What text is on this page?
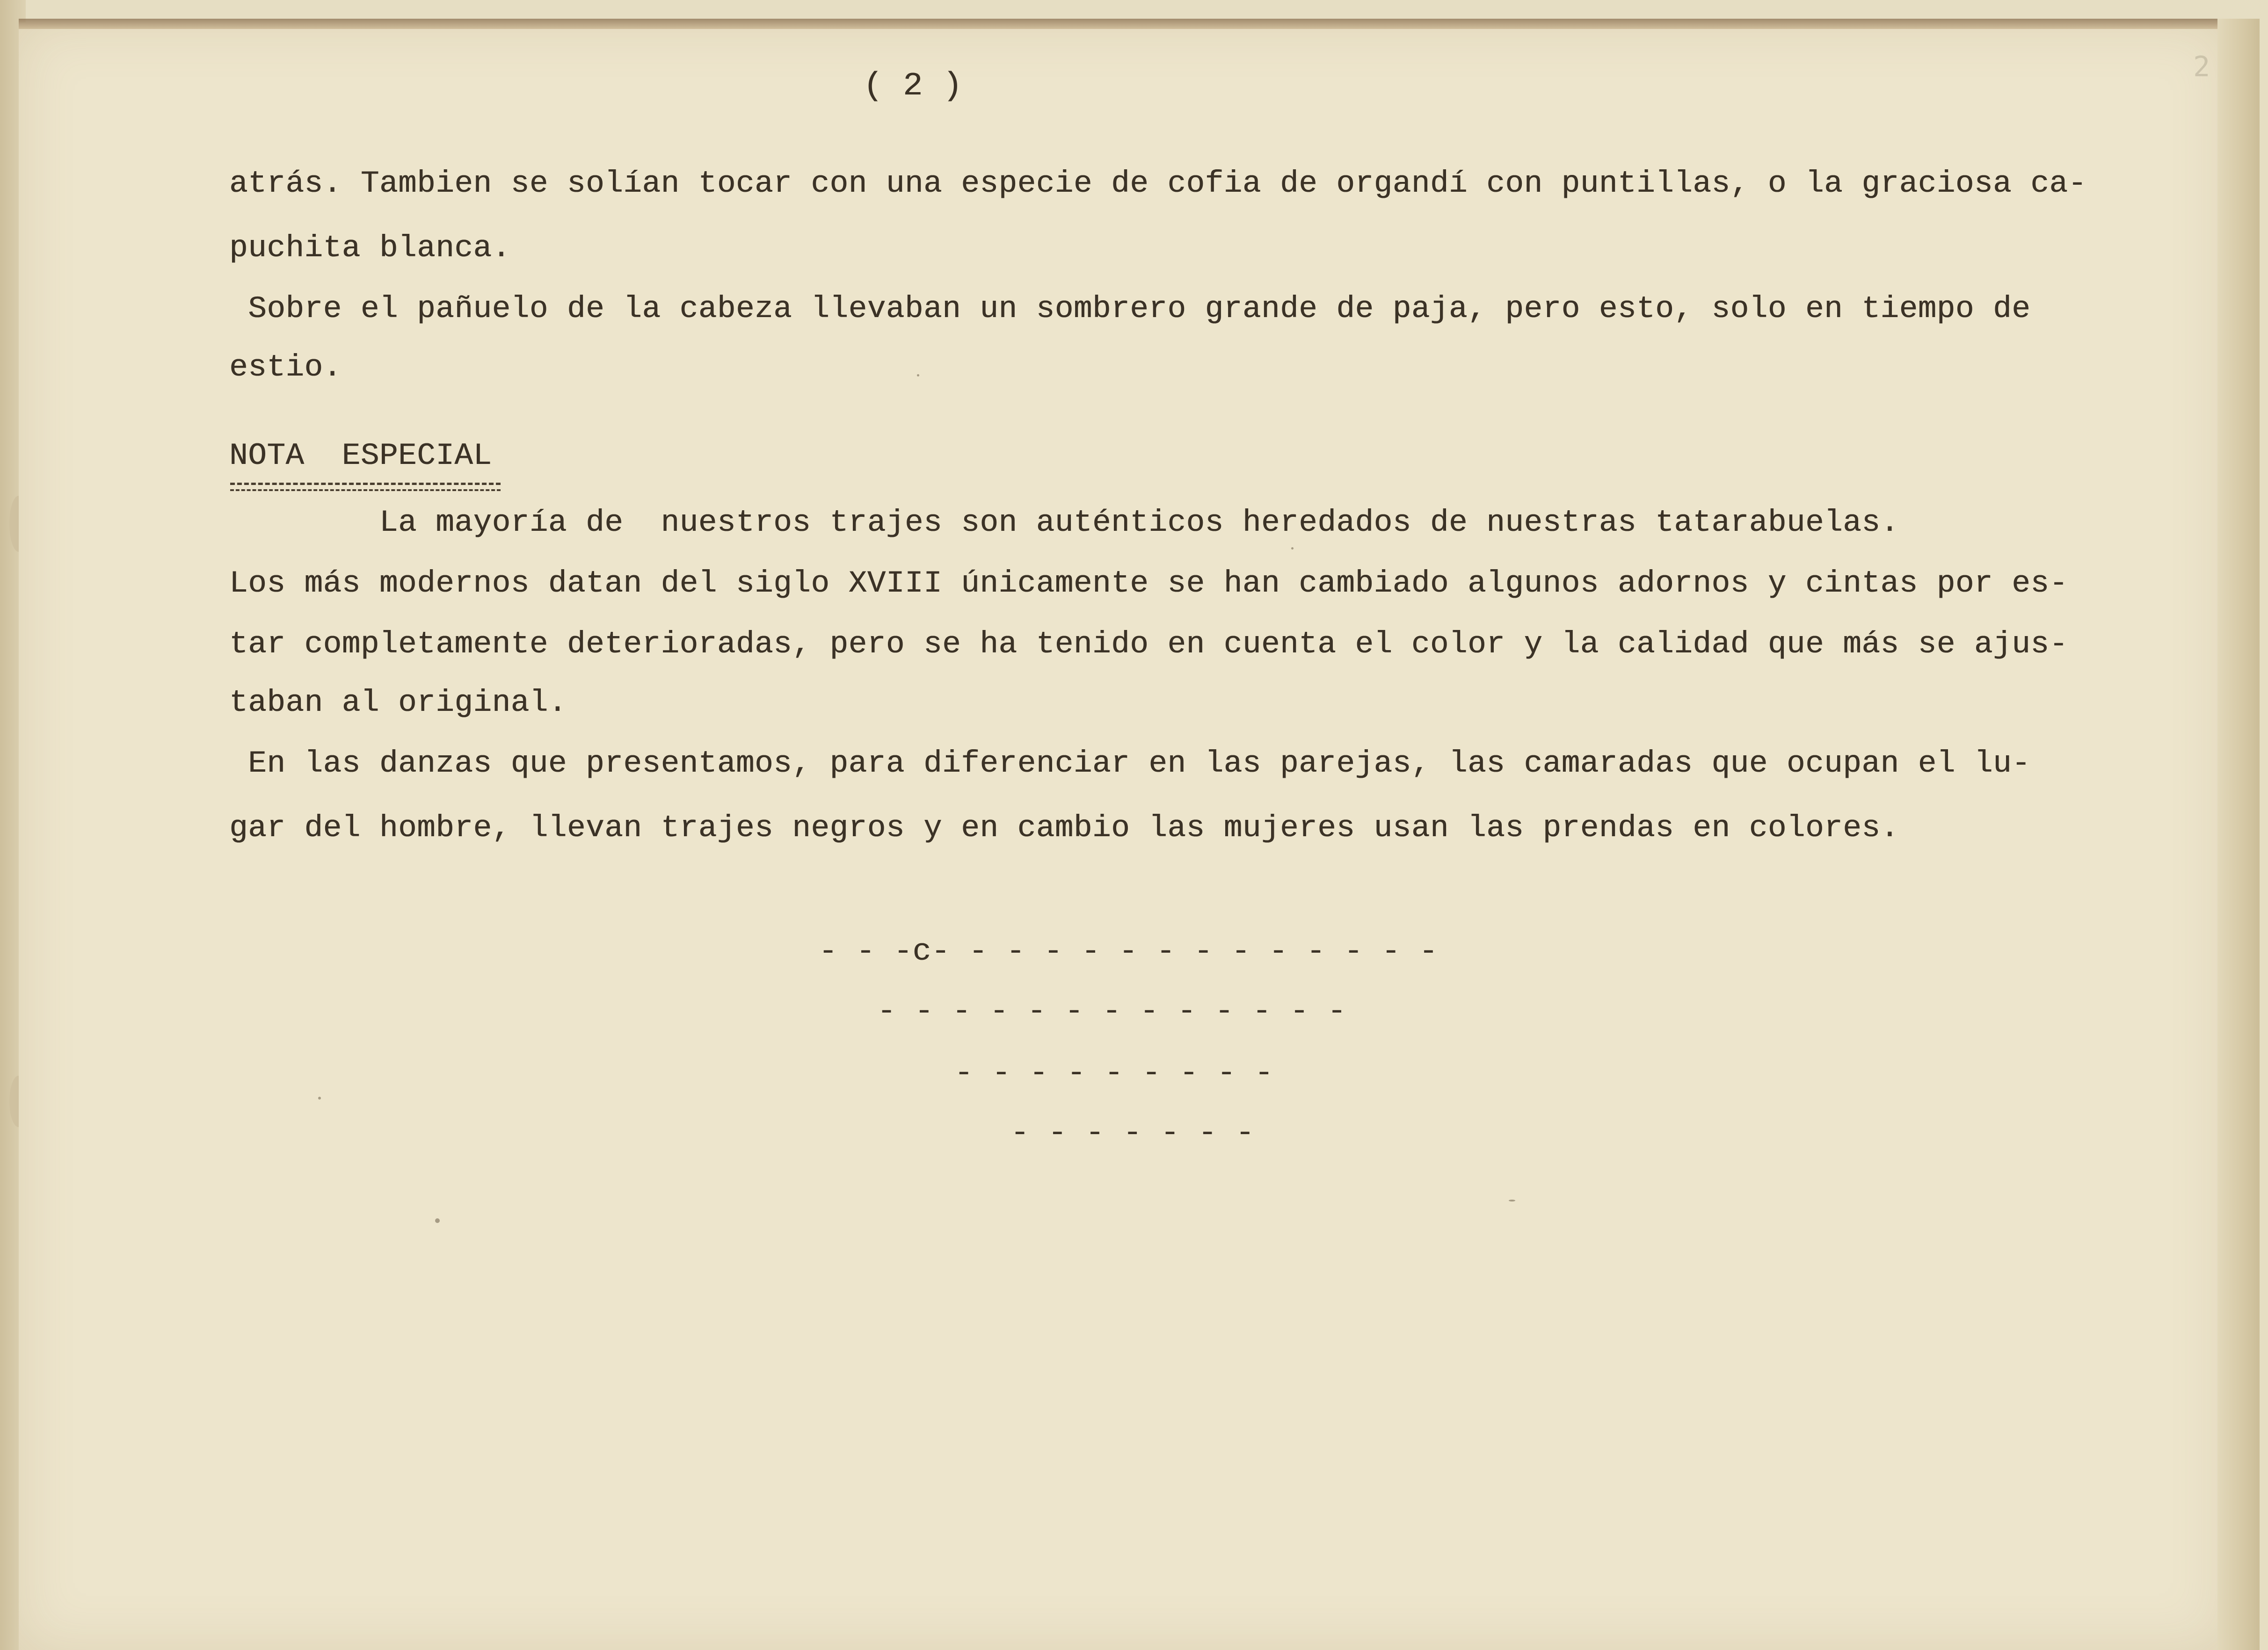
2
( 2 )
atrás. Tambien se solían tocar con una especie de cofia de organdí con puntillas, o la graciosa ca-
puchita blanca.
Sobre el pañuelo de la cabeza llevaban un sombrero grande de paja, pero esto, solo en tiempo de
estio.
NOTA  ESPECIAL
La mayoría de  nuestros trajes son auténticos heredados de nuestras tatarabuelas.
Los más modernos datan del siglo XVIII únicamente se han cambiado algunos adornos y cintas por es-
tar completamente deterioradas, pero se ha tenido en cuenta el color y la calidad que más se ajus-
taban al original.
En las danzas que presentamos, para diferenciar en las parejas, las camaradas que ocupan el lu-
gar del hombre, llevan trajes negros y en cambio las mujeres usan las prendas en colores.
- - -c- - - - - - - - - - - - - -
- - - - - - - - - - - - -
- - - - - - - - -
- - - - - - -
